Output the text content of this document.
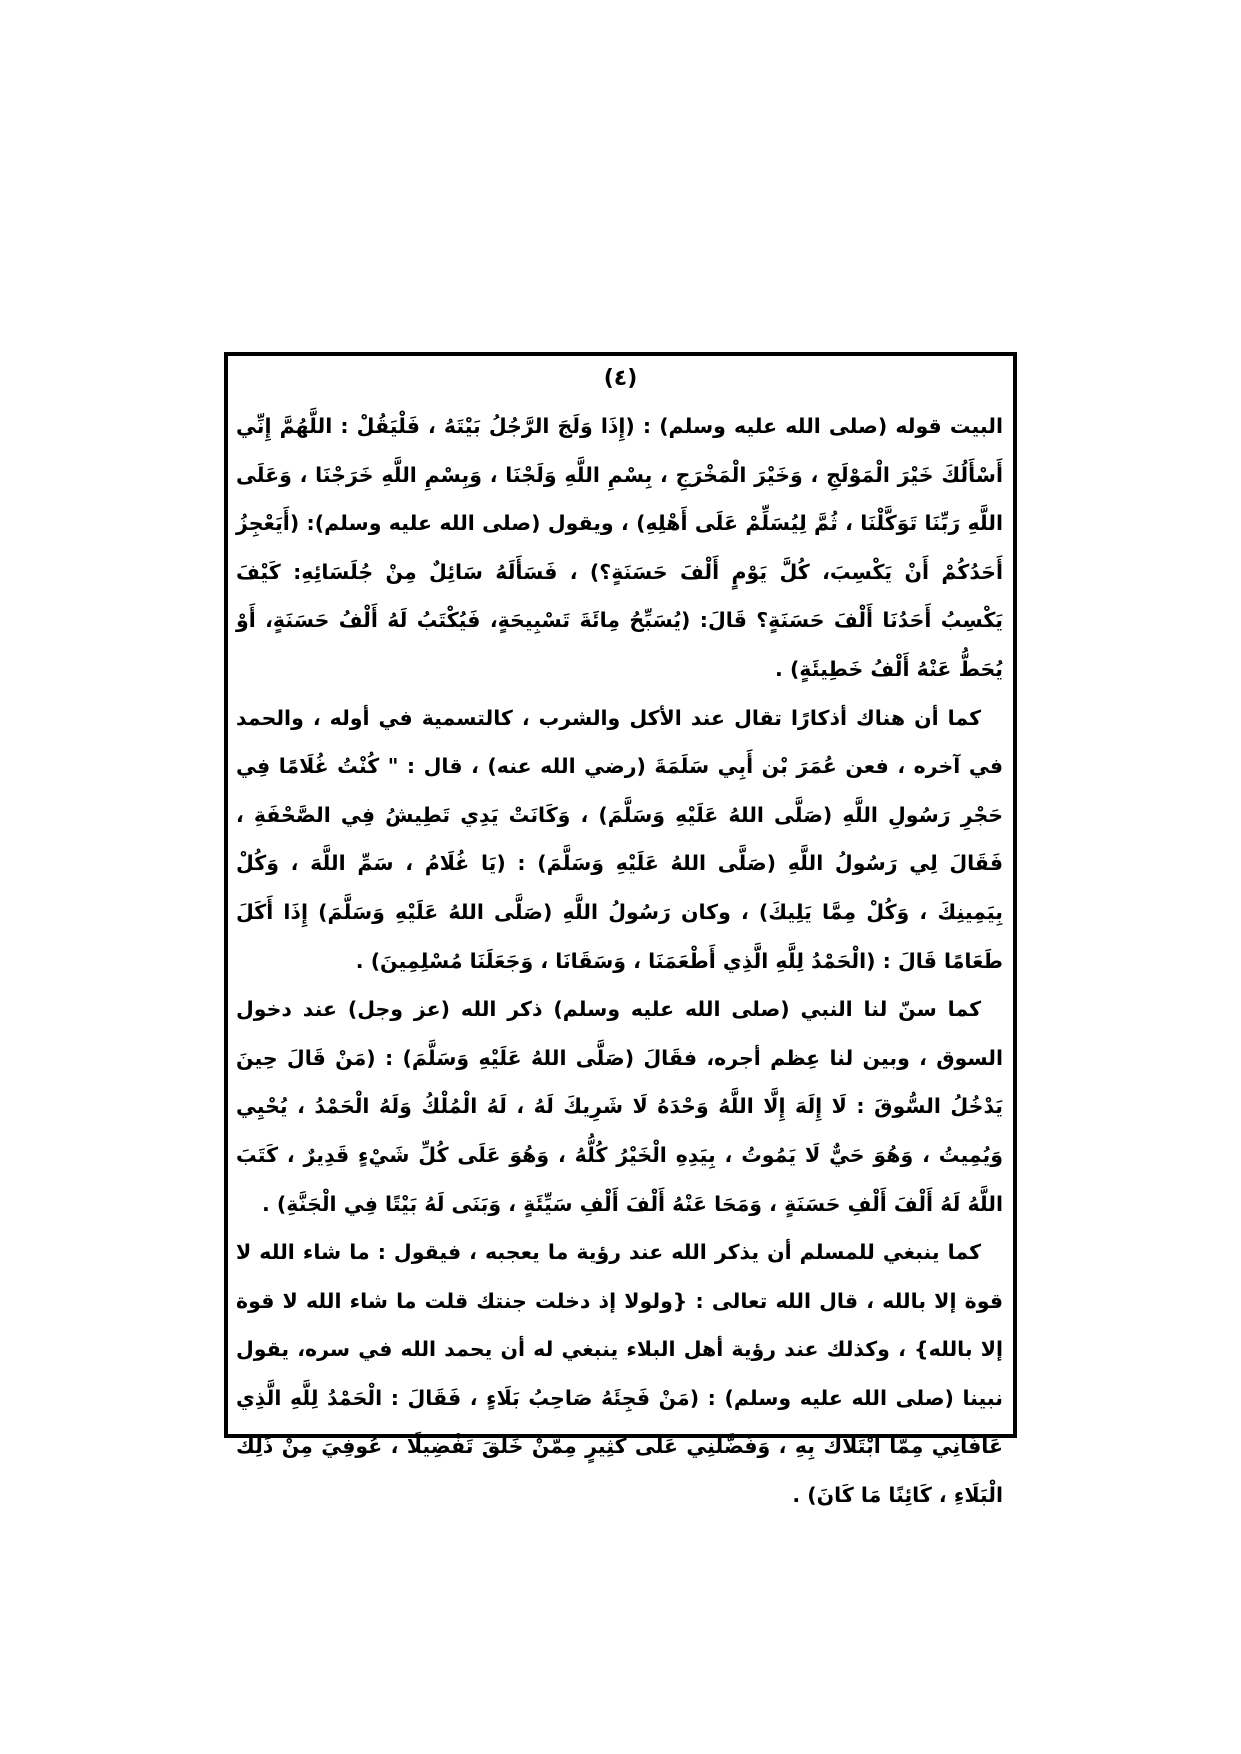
(٤)

البيت قوله (صلى الله عليه وسلم) : (إِذَا وَلَجَ الرَّجُلُ بَيْتَهُ ، فَلْيَقُلْ : اللَّهُمَّ إِنِّي أَسْأَلُكَ خَيْرَ الْمَوْلَجِ ، وَخَيْرَ الْمَخْرَجِ ، بِسْمِ اللَّهِ وَلَجْنَا ، وَبِسْمِ اللَّهِ خَرَجْنَا ، وَعَلَى اللَّهِ رَبِّنَا تَوَكَّلْنَا ، ثُمَّ لِيُسَلِّمْ عَلَى أَهْلِهِ) ، ويقول (صلى الله عليه وسلم): (أَيَعْجِزُ أَحَدُكُمْ أَنْ يَكْسِبَ، كُلَّ يَوْمٍ أَلْفَ حَسَنَةٍ؟) ، فَسَأَلَهُ سَائِلٌ مِنْ جُلَسَائِهِ: كَيْفَ يَكْسِبُ أَحَدُنَا أَلْفَ حَسَنَةٍ؟ قَالَ: (يُسَبِّحُ مِائَةَ تَسْبِيحَةٍ، فَيُكْتَبُ لَهُ أَلْفُ حَسَنَةٍ، أَوْ يُحَطُّ عَنْهُ أَلْفُ خَطِيئَةٍ) .

كما أن هناك أذكارًا تقال عند الأكل والشرب ، كالتسمية في أوله ، والحمد في آخره ، فعن عُمَرَ بْن أَبِي سَلَمَةَ (رضي الله عنه) ، قال : " كُنْتُ غُلَامًا فِي حَجْرِ رَسُولِ اللَّهِ (صَلَّى اللهُ عَلَيْهِ وَسَلَّمَ) ، وَكَانَتْ يَدِي تَطِيشُ فِي الصَّحْفَةِ ، فَقَالَ لِي رَسُولُ اللَّهِ (صَلَّى اللهُ عَلَيْهِ وَسَلَّمَ) : (يَا غُلَامُ ، سَمِّ اللَّهَ ، وَكُلْ بِيَمِينِكَ ، وَكُلْ مِمَّا يَلِيكَ) ، وكان رَسُولُ اللَّهِ (صَلَّى اللهُ عَلَيْهِ وَسَلَّمَ) إِذَا أَكَلَ طَعَامًا قَالَ : (الْحَمْدُ لِلَّهِ الَّذِي أَطْعَمَنَا ، وَسَقَانَا ، وَجَعَلَنَا مُسْلِمِينَ) .

كما سنّ لنا النبي (صلى الله عليه وسلم) ذكر الله (عز وجل) عند دخول السوق ، وبين لنا عِظم أجره، فقَالَ (صَلَّى اللهُ عَلَيْهِ وَسَلَّمَ) : (مَنْ قَالَ حِينَ يَدْخُلُ السُّوقَ : لَا إِلَهَ إِلَّا اللَّهُ وَحْدَهُ لَا شَرِيكَ لَهُ ، لَهُ الْمُلْكُ وَلَهُ الْحَمْدُ ، يُحْيِي وَيُمِيتُ ، وَهُوَ حَيٌّ لَا يَمُوتُ ، بِيَدِهِ الْخَيْرُ كُلُّهُ ، وَهُوَ عَلَى كُلِّ شَيْءٍ قَدِيرٌ ، كَتَبَ اللَّهُ لَهُ أَلْفَ أَلْفِ حَسَنَةٍ ، وَمَحَا عَنْهُ أَلْفَ أَلْفِ سَيِّئَةٍ ، وَبَنَى لَهُ بَيْتًا فِي الْجَنَّةِ) .

كما ينبغي للمسلم أن يذكر الله عند رؤية ما يعجبه ، فيقول : ما شاء الله لا قوة إلا بالله ، قال الله تعالى : {ولولا إذ دخلت جنتك قلت ما شاء الله لا قوة إلا بالله} ، وكذلك عند رؤية أهل البلاء ينبغي له أن يحمد الله في سره، يقول نبينا (صلى الله عليه وسلم) : (مَنْ فَجِئَهُ صَاحِبُ بَلَاءٍ ، فَقَالَ : الْحَمْدُ لِلَّهِ الَّذِي عَافَانِي مِمَّا ابْتَلَاكَ بِهِ ، وَفَضَّلَنِي عَلَى كَثِيرٍ مِمَّنْ خَلَقَ تَفْضِيلًا ، عُوفِيَ مِنْ ذَلِكَ الْبَلَاءِ ، كَائِنًا مَا كَانَ) .
